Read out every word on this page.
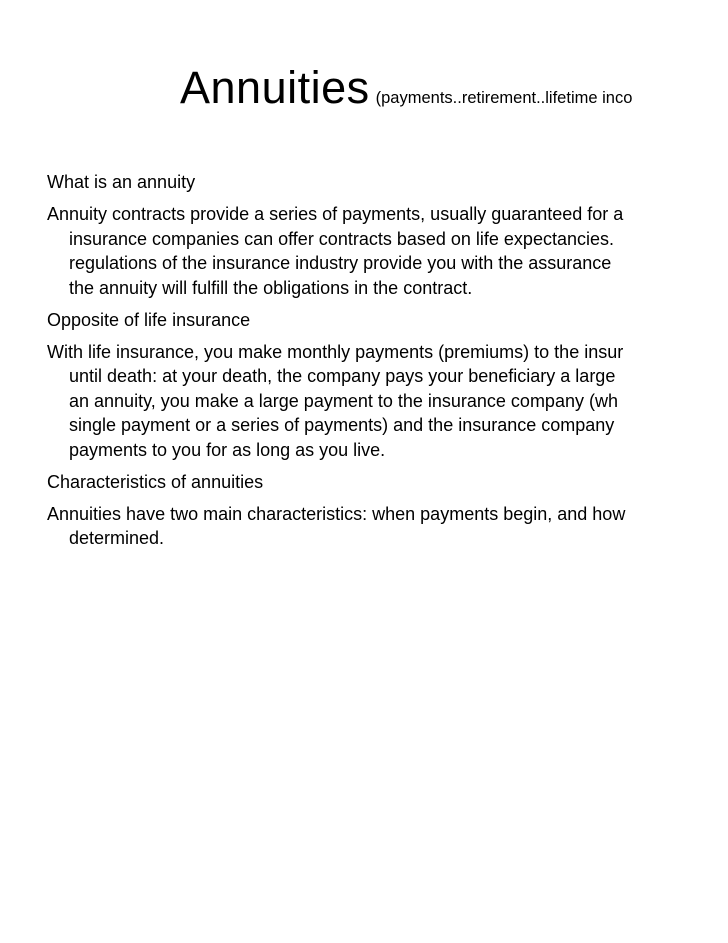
Annuities (payments..retirement..lifetime inco

What is an annuity

Annuity contracts provide a series of payments, usually guaranteed for a
insurance companies can offer contracts based on life expectancies.
regulations of the insurance industry provide you with the assurance
the annuity will fulfill the obligations in the contract.

Opposite of life insurance

With life insurance, you make monthly payments (premiums) to the insur
until death: at your death, the company pays your beneficiary a large
an annuity, you make a large payment to the insurance company (wh
single payment or a series of payments) and the insurance company
payments to you for as long as you live.

Characteristics of annuities

Annuities have two main characteristics: when payments begin, and how
determined.
